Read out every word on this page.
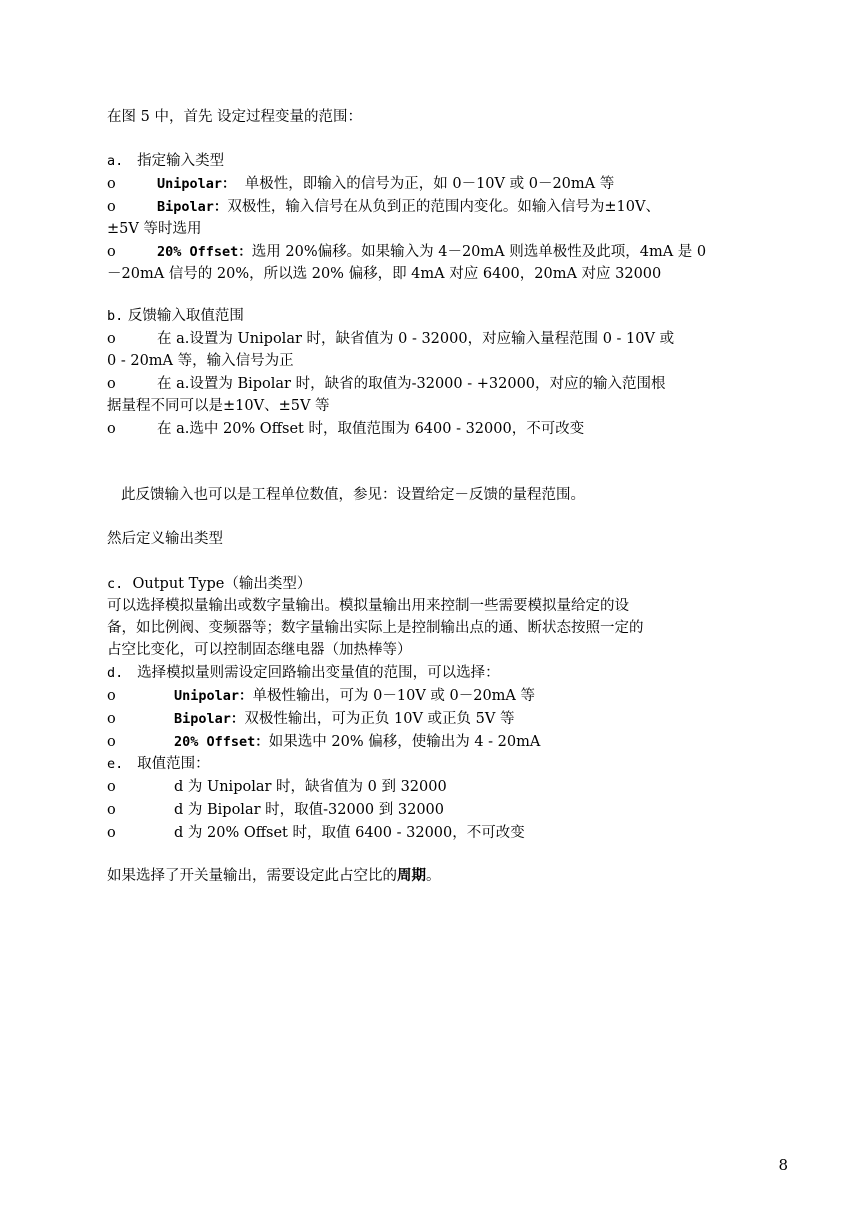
在图 5 中，首先 设定过程变量的范围：
a. 指定输入类型
o	Unipolar： 单极性，即输入的信号为正，如 0－10V 或 0－20mA 等
o	Bipolar：双极性，输入信号在从负到正的范围内变化。如输入信号为±10V、
±5V 等时选用
o	20% Offset：选用 20%偏移。如果输入为 4－20mA 则选单极性及此项，4mA 是 0
－20mA 信号的 20%，所以选 20% 偏移，即 4mA 对应 6400，20mA 对应 32000
b. 反馈输入取值范围
o	在 a.设置为 Unipolar 时，缺省值为 0 - 32000，对应输入量程范围 0 - 10V 或
0 - 20mA 等，输入信号为正
o	在 a.设置为 Bipolar 时，缺省的取值为-32000 - +32000，对应的输入范围根
据量程不同可以是±10V、±5V 等
o	在 a.选中 20% Offset 时，取值范围为 6400 - 32000，不可改变
此反馈输入也可以是工程单位数值，参见：设置给定－反馈的量程范围。
然后定义输出类型
c. Output Type（输出类型）
可以选择模拟量输出或数字量输出。模拟量输出用来控制一些需要模拟量给定的设
备，如比例阀、变频器等；数字量输出实际上是控制输出点的通、断状态按照一定的
占空比变化，可以控制固态继电器（加热棒等）
d. 选择模拟量则需设定回路输出变量值的范围，可以选择：
o	Unipolar：单极性输出，可为 0－10V 或 0－20mA 等
o	Bipolar：双极性输出，可为正负 10V 或正负 5V 等
o	20% Offset：如果选中 20% 偏移，使输出为 4 - 20mA
e. 取值范围：
o	d 为 Unipolar 时，缺省值为 0 到 32000
o	d 为 Bipolar 时，取值-32000 到 32000
o	d 为 20% Offset 时，取值 6400 - 32000，不可改变
如果选择了开关量输出，需要设定此占空比的周期。
8
